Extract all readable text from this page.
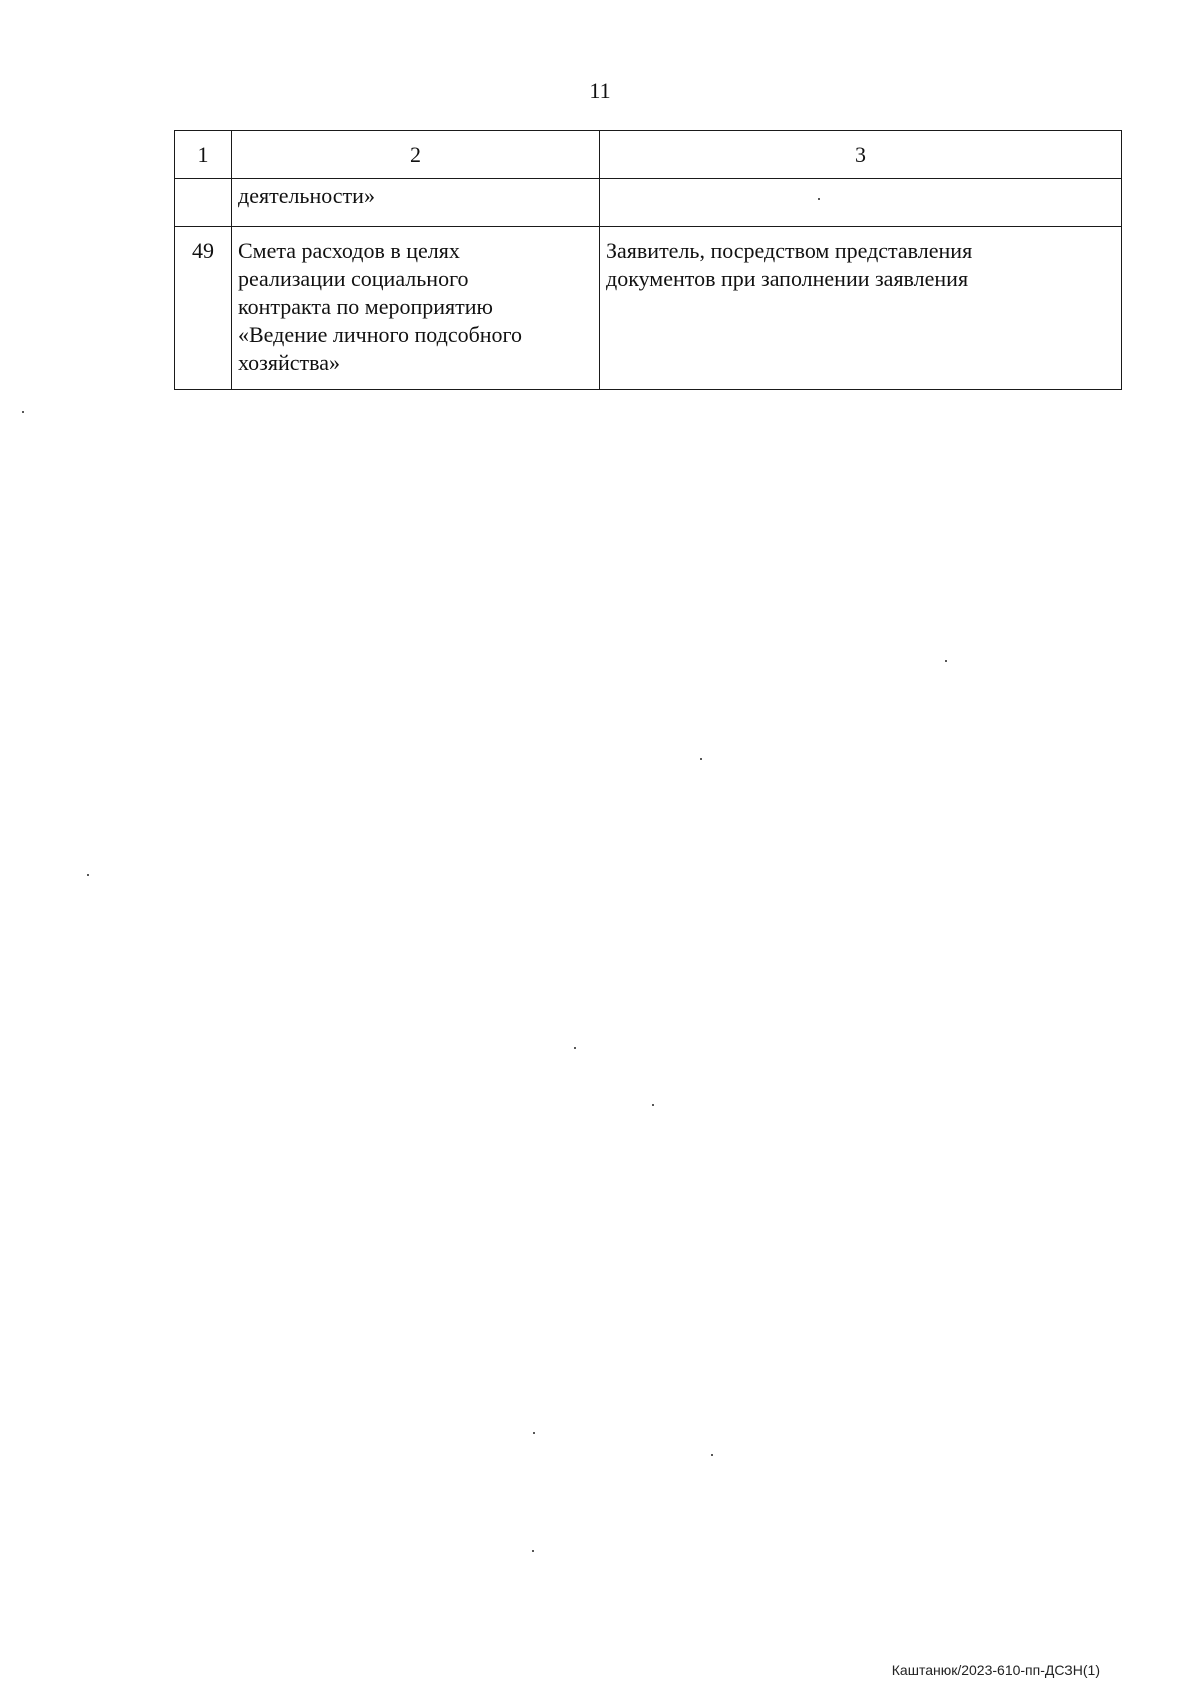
11
1	2	3
	деятельности»	
49	Смета расходов в целях
реализации социального
контракта по мероприятию
«Ведение личного подсобного
хозяйства»	Заявитель, посредством представления
документов при заполнении заявления
Каштанюк/2023-610-пп-ДСЗН(1)
